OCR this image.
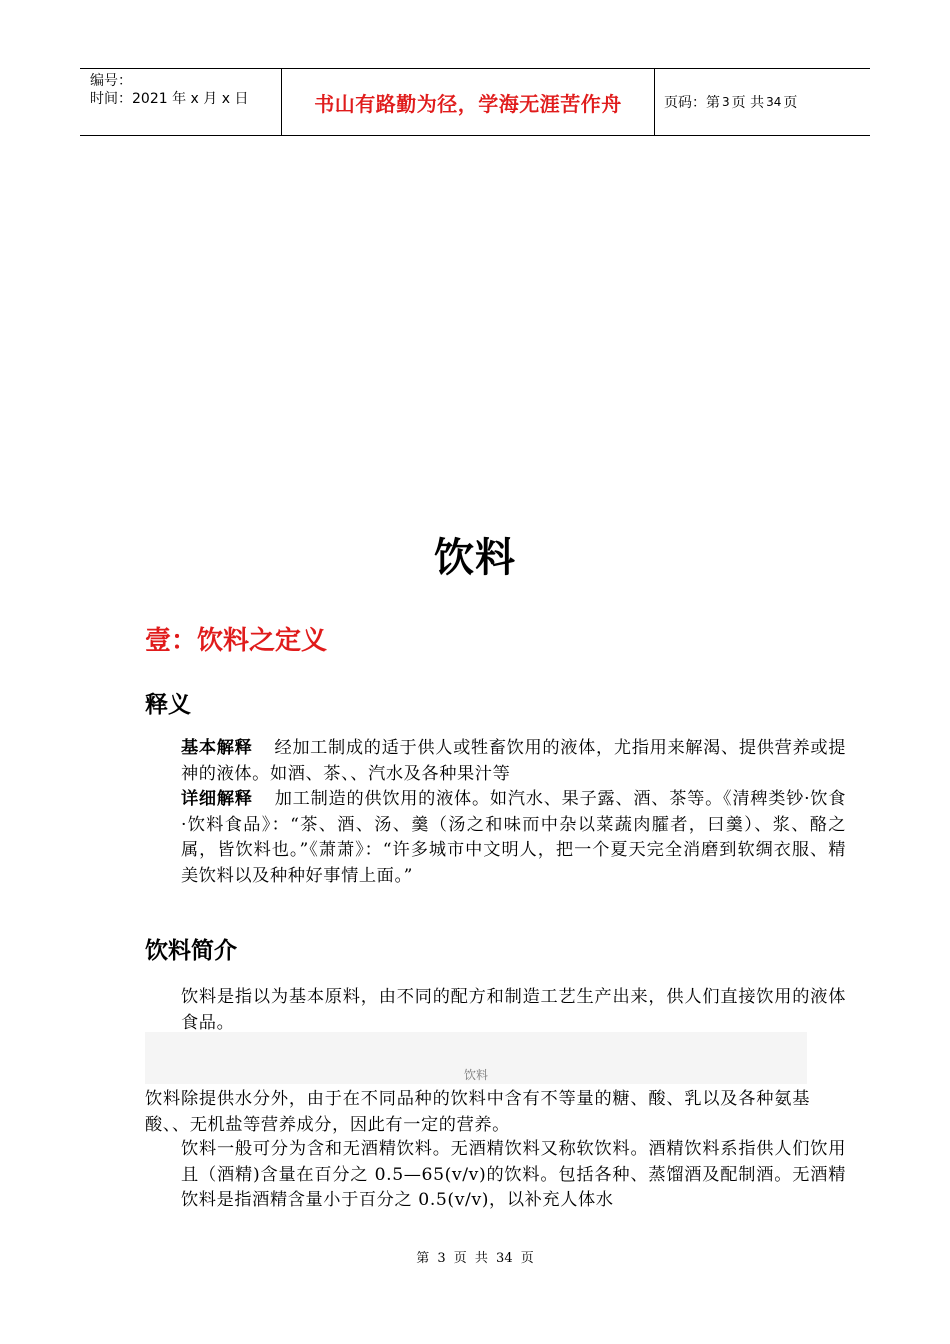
编号：
时间：2021 年 x 月 x 日	书山有路勤为径，学海无涯苦作舟	页码：第 3 页 共 34 页
饮料
壹：饮料之定义
释义

基本解释 经加工制成的适于供人或牲畜饮用的液体，尤指用来解渴、提供营养或提神的液体。如酒、茶、、汽水及各种果汁等

详细解释 加工制造的供饮用的液体。如汽水、果子露、酒、茶等。《清稗类钞·饮食·饮料食品》：“茶、酒、汤、羹（汤之和味而中杂以菜蔬肉臛者，曰羹）、浆、酪之属，皆饮料也。”《萧萧》：“许多城市中文明人，把一个夏天完全消磨到软绸衣服、精美饮料以及种种好事情上面。”

饮料简介

饮料是指以为基本原料，由不同的配方和制造工艺生产出来，供人们直接饮用的液体食品。

饮料

饮料除提供水分外，由于在不同品种的饮料中含有不等量的糖、酸、乳以及各种氨基酸、、无机盐等营养成分，因此有一定的营养。

饮料一般可分为含和无酒精饮料。无酒精饮料又称软饮料。酒精饮料系指供人们饮用且（酒精)含量在百分之 0.5—65(v/v)的饮料。包括各种、蒸馏酒及配制酒。无酒精饮料是指酒精含量小于百分之 0.5(v/v)，以补充人体水

第 3 页 共 34 页
